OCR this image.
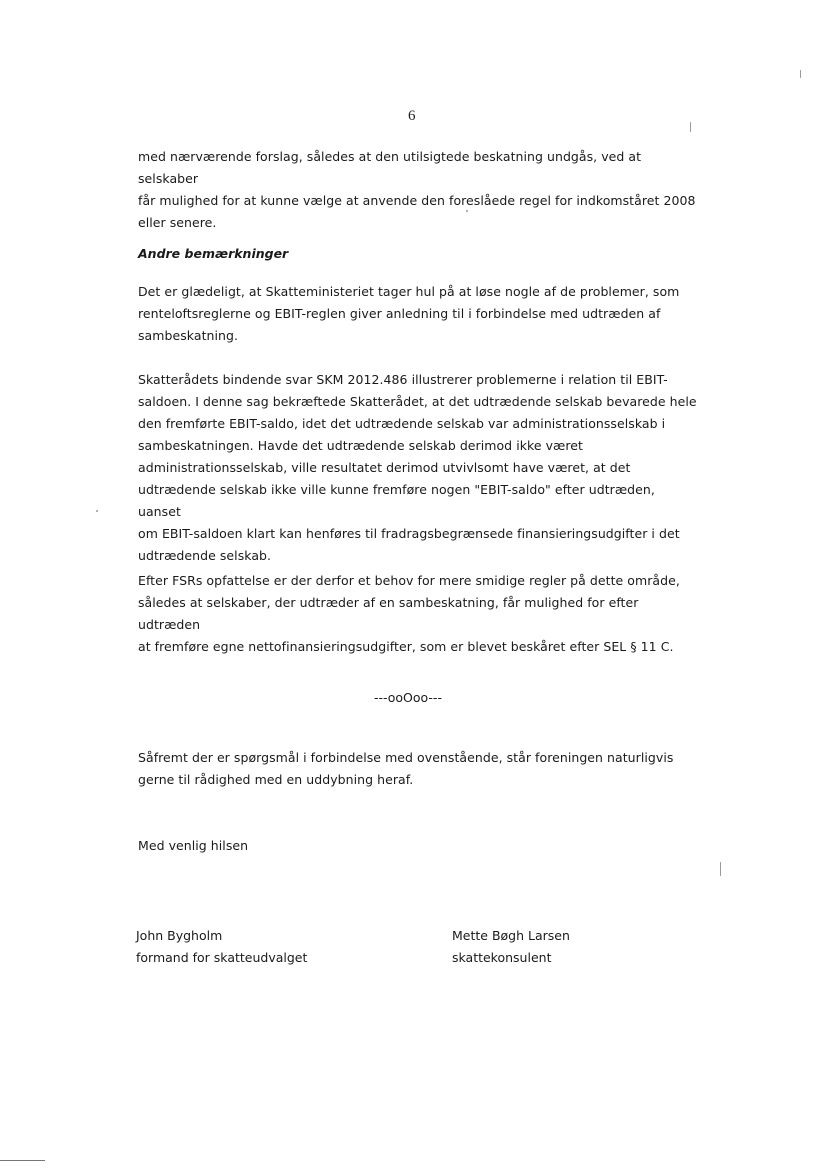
6

med nærværende forslag, således at den utilsigtede beskatning undgås, ved at selskaber
får mulighed for at kunne vælge at anvende den foreslåede regel for indkomståret 2008
eller senere.

Andre bemærkninger

Det er glædeligt, at Skatteministeriet tager hul på at løse nogle af de problemer, som
renteloftsreglerne og EBIT-reglen giver anledning til i forbindelse med udtræden af
sambeskatning.

Skatterådets bindende svar SKM 2012.486 illustrerer problemerne i relation til EBIT-
saldoen. I denne sag bekræftede Skatterådet, at det udtrædende selskab bevarede hele
den fremførte EBIT-saldo, idet det udtrædende selskab var administrationsselskab i
sambeskatningen. Havde det udtrædende selskab derimod ikke været
administrationsselskab, ville resultatet derimod utvivlsomt have været, at det
udtrædende selskab ikke ville kunne fremføre nogen "EBIT-saldo" efter udtræden, uanset
om EBIT-saldoen klart kan henføres til fradragsbegrænsede finansieringsudgifter i det
udtrædende selskab.

Efter FSRs opfattelse er der derfor et behov for mere smidige regler på dette område,
således at selskaber, der udtræder af en sambeskatning, får mulighed for efter udtræden
at fremføre egne nettofinansieringsudgifter, som er blevet beskåret efter SEL § 11 C.

---ooOoo---

Såfremt der er spørgsmål i forbindelse med ovenstående, står foreningen naturligvis
gerne til rådighed med en uddybning heraf.

Med venlig hilsen

John Bygholm
formand for skatteudvalget
Mette Bøgh Larsen
skattekonsulent
